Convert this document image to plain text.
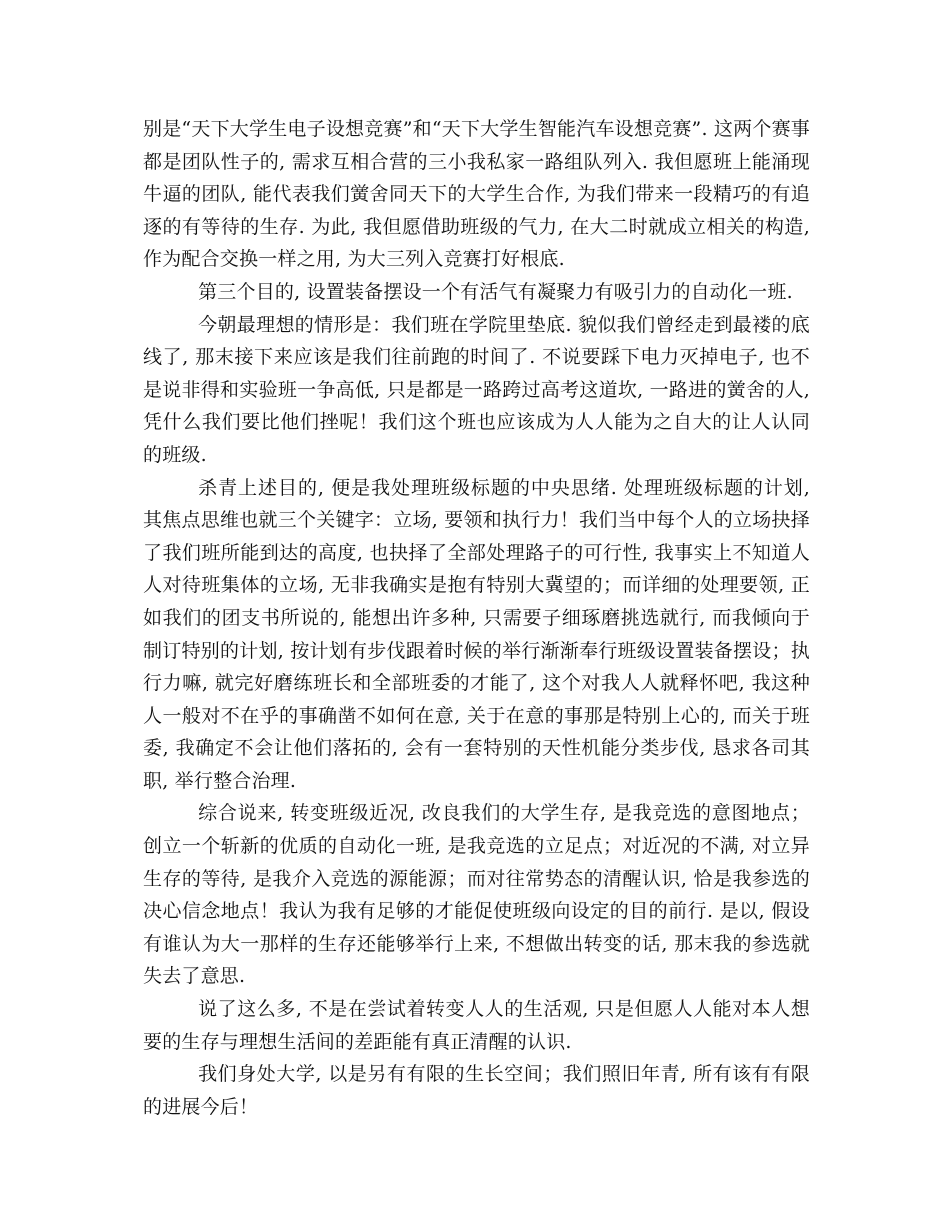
别是“天下大学生电子设想竞赛”和“天下大学生智能汽车设想竞赛”. 这两个赛事都是团队性子的, 需求互相合营的三小我私家一路组队列入. 我但愿班上能涌现牛逼的团队, 能代表我们黉舍同天下的大学生合作, 为我们带来一段精巧的有追逐的有等待的生存. 为此, 我但愿借助班级的气力, 在大二时就成立相关的构造, 作为配合交换一样之用, 为大三列入竞赛打好根底.

第三个目的, 设置装备摆设一个有活气有凝聚力有吸引力的自动化一班.

今朝最理想的情形是：我们班在学院里垫底. 貌似我们曾经走到最褛的底线了, 那末接下来应该是我们往前跑的时间了. 不说要踩下电力灭掉电子, 也不是说非得和实验班一争高低, 只是都是一路跨过高考这道坎, 一路进的黉舍的人, 凭什么我们要比他们挫呢！我们这个班也应该成为人人能为之自大的让人认同的班级.

杀青上述目的, 便是我处理班级标题的中央思绪. 处理班级标题的计划, 其焦点思维也就三个关键字：立场, 要领和执行力！我们当中每个人的立场抉择了我们班所能到达的高度, 也抉择了全部处理路子的可行性, 我事实上不知道人人对待班集体的立场, 无非我确实是抱有特别大冀望的；而详细的处理要领, 正如我们的团支书所说的, 能想出许多种, 只需要子细琢磨挑选就行, 而我倾向于制订特别的计划, 按计划有步伐跟着时候的举行渐渐奉行班级设置装备摆设；执行力嘛, 就完好磨练班长和全部班委的才能了, 这个对我人人就释怀吧, 我这种人一般对不在乎的事确凿不如何在意, 关于在意的事那是特别上心的, 而关于班委, 我确定不会让他们落拓的, 会有一套特别的天性机能分类步伐, 恳求各司其职, 举行整合治理.

综合说来, 转变班级近况, 改良我们的大学生存, 是我竞选的意图地点；创立一个斩新的优质的自动化一班, 是我竞选的立足点；对近况的不满, 对立异生存的等待, 是我介入竞选的源能源；而对往常势态的清醒认识, 恰是我参选的决心信念地点！我认为我有足够的才能促使班级向设定的目的前行. 是以, 假设有谁认为大一那样的生存还能够举行上来, 不想做出转变的话, 那末我的参选就失去了意思.

说了这么多, 不是在尝试着转变人人的生活观, 只是但愿人人能对本人想要的生存与理想生活间的差距能有真正清醒的认识.

我们身处大学, 以是另有有限的生长空间；我们照旧年青, 所有该有有限的进展今后！
